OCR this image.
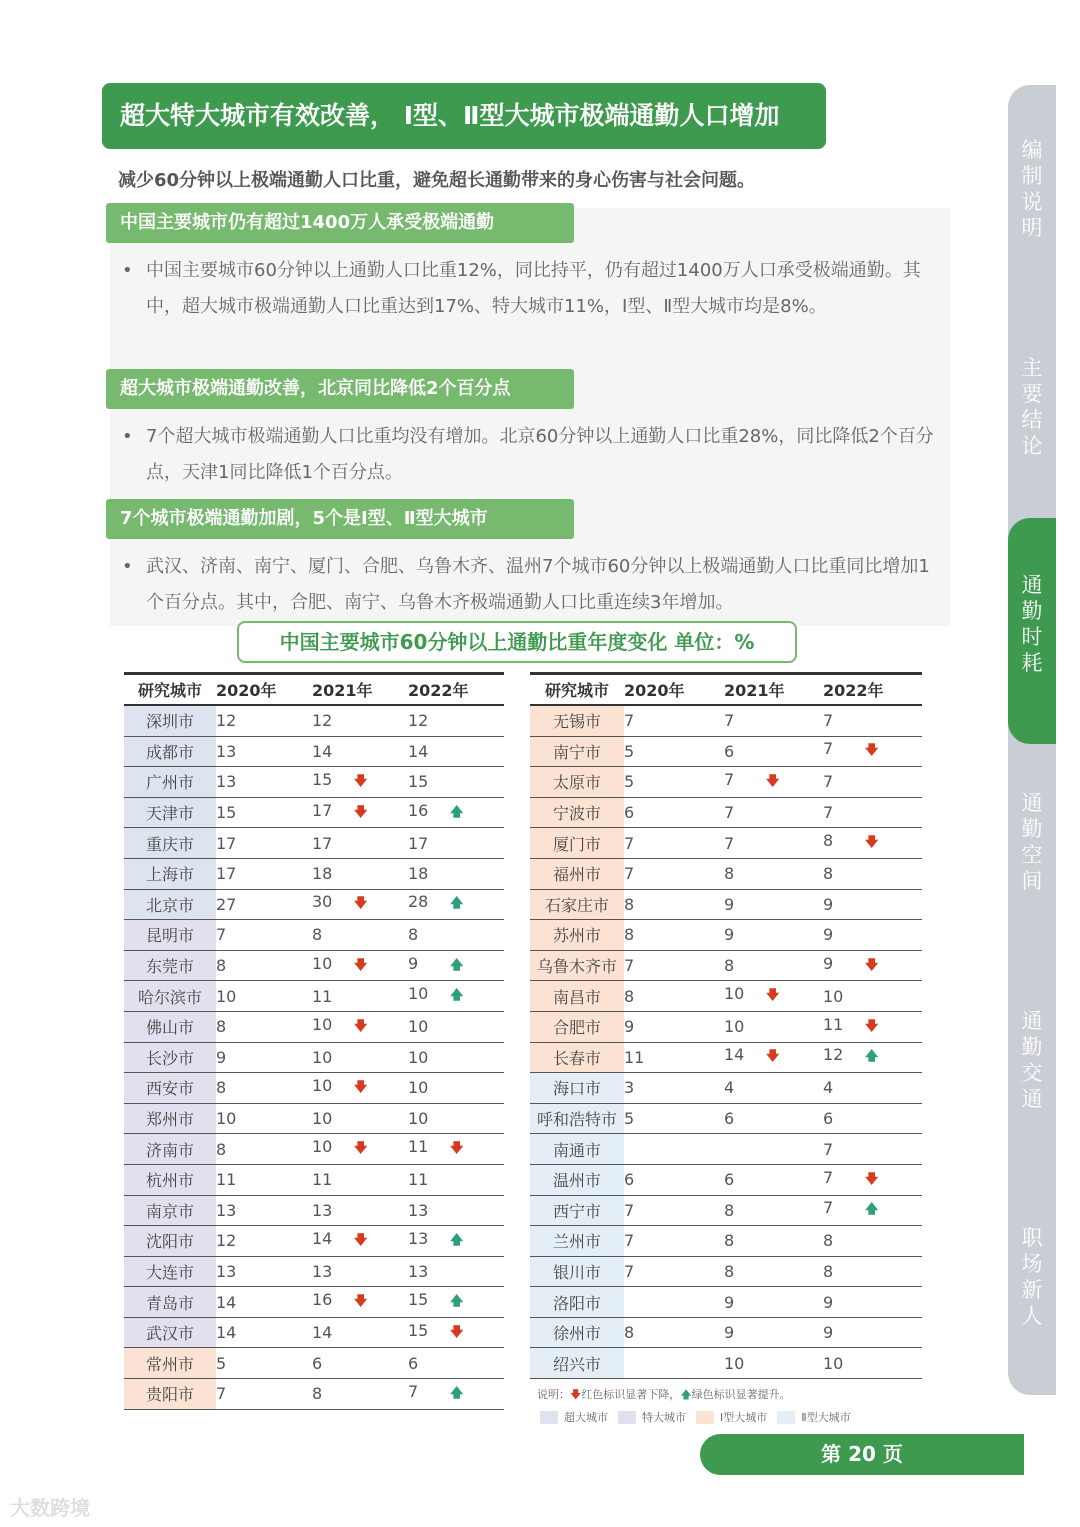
超大特大城市有效改善， Ⅰ型、Ⅱ型大城市极端通勤人口增加
减少60分钟以上极端通勤人口比重，避免超长通勤带来的身心伤害与社会问题。
中国主要城市仍有超过1400万人承受极端通勤
• 中国主要城市60分钟以上通勤人口比重12%，同比持平，仍有超过1400万人口承受极端通勤。其中，超大城市极端通勤人口比重达到17%、特大城市11%，Ⅰ型、Ⅱ型大城市均是8%。
超大城市极端通勤改善，北京同比降低2个百分点
• 7个超大城市极端通勤人口比重均没有增加。北京60分钟以上通勤人口比重28%，同比降低2个百分点，天津1同比降低1个百分点。
7个城市极端通勤加剧，5个是Ⅰ型、Ⅱ型大城市
• 武汉、济南、南宁、厦门、合肥、乌鲁木齐、温州7个城市60分钟以上极端通勤人口比重同比增加1个百分点。其中，合肥、南宁、乌鲁木齐极端通勤人口比重连续3年增加。
中国主要城市60分钟以上通勤比重年度变化 单位：%
研究城市	2020年	2021年	2022年
深圳市	12	12	12
成都市	13	14	14
广州市	13	15 🡇	15
天津市	15	17 🡇	16 🡅
重庆市	17	17	17
上海市	17	18	18
北京市	27	30 🡇	28 🡅
昆明市	7	8	8
东莞市	8	10 🡇	9 🡅
哈尔滨市	10	11	10 🡅
佛山市	8	10 🡇	10
长沙市	9	10	10
西安市	8	10 🡇	10
郑州市	10	10	10
济南市	8	10 🡇	11 🡇
杭州市	11	11	11
南京市	13	13	13
沈阳市	12	14 🡇	13 🡅
大连市	13	13	13
青岛市	14	16 🡇	15 🡅
武汉市	14	14	15 🡇
常州市	5	6	6
贵阳市	7	8	7 🡅
研究城市	2020年	2021年	2022年
无锡市	7	7	7
南宁市	5	6	7 🡇
太原市	5	7 🡇	7
宁波市	6	7	7
厦门市	7	7	8 🡇
福州市	7	8	8
石家庄市	8	9	9
苏州市	8	9	9
乌鲁木齐市	7	8	9 🡇
南昌市	8	10 🡇	10
合肥市	9	10	11 🡇
长春市	11	14 🡇	12 🡅
海口市	3	4	4
呼和浩特市	5	6	6
南通市			7
温州市	6	6	7 🡇
西宁市	7	8	7 🡅
兰州市	7	8	8
银川市	7	8	8
洛阳市		9	9
徐州市	8	9	9
绍兴市		10	10
说明：🡇红色标识显著下降，🡅绿色标识显著提升。
超大城市	特大城市	Ⅰ型大城市	Ⅱ型大城市
第 20 页
编制说明
主要结论
通勤时耗
通勤空间
通勤交通
职场新人
大数跨境
